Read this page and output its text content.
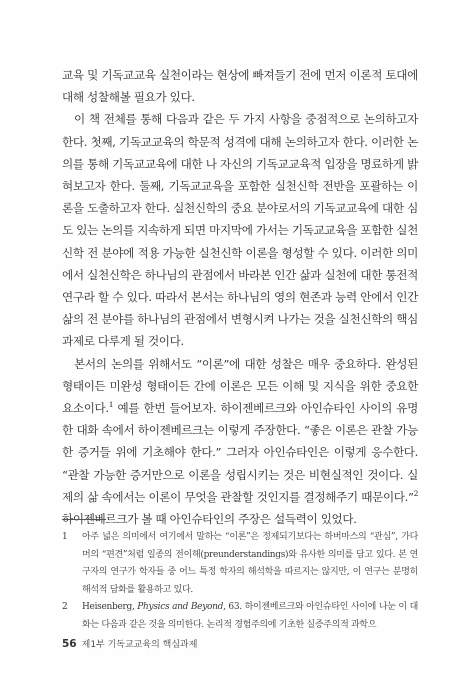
교육 및 기독교교육 실천이라는 현상에 빠져들기 전에 먼저 이론적 토대에 대해 성찰해볼 필요가 있다.

이 책 전체를 통해 다음과 같은 두 가지 사항을 중점적으로 논의하고자 한다. 첫째, 기독교교육의 학문적 성격에 대해 논의하고자 한다. 이러한 논의를 통해 기독교교육에 대한 나 자신의 기독교교육적 입장을 명료하게 밝혀보고자 한다. 둘째, 기독교교육을 포함한 실천신학 전반을 포괄하는 이론을 도출하고자 한다. 실천신학의 중요 분야로서의 기독교교육에 대한 심도 있는 논의를 지속하게 되면 마지막에 가서는 기독교교육을 포함한 실천신학 전 분야에 적용 가능한 실천신학 이론을 형성할 수 있다. 이러한 의미에서 실천신학은 하나님의 관점에서 바라본 인간 삶과 실천에 대한 통전적 연구라 할 수 있다. 따라서 본서는 하나님의 영의 현존과 능력 안에서 인간 삶의 전 분야를 하나님의 관점에서 변형시켜 나가는 것을 실천신학의 핵심과제로 다루게 될 것이다.

본서의 논의를 위해서도 “이론”에 대한 성찰은 매우 중요하다. 완성된 형태이든 미완성 형태이든 간에 이론은 모든 이해 및 지식을 위한 중요한 요소이다.$^1$ 예를 한번 들어보자. 하이젠베르크와 아인슈타인 사이의 유명한 대화 속에서 하이젠베르크는 이렇게 주장한다. “좋은 이론은 관찰 가능한 증거들 위에 기초해야 한다.” 그러자 아인슈타인은 이렇게 응수한다. “관찰 가능한 증거만으로 이론을 성립시키는 것은 비현실적인 것이다. 실제의 삶 속에서는 이론이 무엇을 관찰할 것인지를 결정해주기 때문이다.”$^2$ 하이젠베르크가 볼 때 아인슈타인의 주장은 설득력이 있었다.

1	아주 넓은 의미에서 여기에서 말하는 “이론”은 정제되기보다는 하버마스의 “관심”, 가다머의 “편견”처럼 일종의 전이해(preunderstandings)와 유사한 의미를 담고 있다. 본 연구자의 연구가 학자들 중 어느 특정 학자의 해석학을 따르지는 않지만, 이 연구는 분명히 해석적 담화를 활용하고 있다.
2	Heisenberg, Physics and Beyond, 63. 하이젠베르크와 아인슈타인 사이에 나눈 이 대화는 다음과 같은 것을 의미한다. 논리적 경험주의에 기초한 실증주의적 과학으
56 제1부 기독교교육의 핵심과제
